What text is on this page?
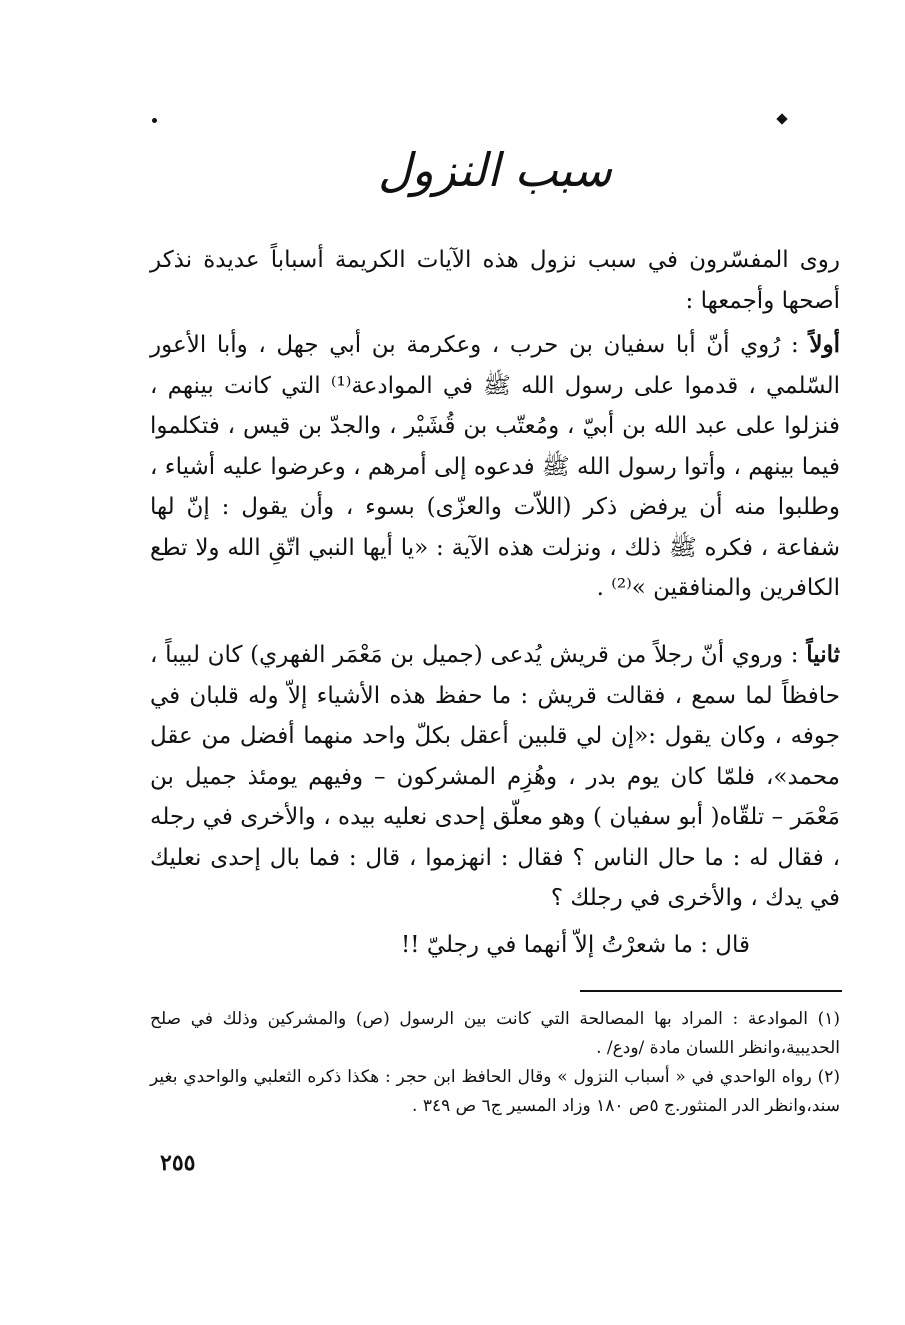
سبب النزول

روى المفسّرون في سبب نزول هذه الآيات الكريمة أسباباً عديدة نذكر أصحها وأجمعها :

أولاً : رُوي أنّ أبا سفيان بن حرب ، وعكرمة بن أبي جهل ، وأبا الأعور السّلمي ، قدموا على رسول الله ﷺ في الموادعة⁽¹⁾ التي كانت بينهم ، فنزلوا على عبد الله بن أبيّ ، ومُعتّب بن قُشَيْر ، والجدّ بن قيس ، فتكلموا فيما بينهم ، وأتوا رسول الله ﷺ فدعوه إلى أمرهم ، وعرضوا عليه أشياء ، وطلبوا منه أن يرفض ذكر (اللاّت والعزّى) بسوء ، وأن يقول : إنّ لها شفاعة ، فكره ﷺ ذلك ، ونزلت هذه الآية : «يا أيها النبي اتّقِ الله ولا تطع الكافرين والمنافقين »⁽²⁾ .

ثانياً : وروي أنّ رجلاً من قريش يُدعى (جميل بن مَعْمَر الفهري) كان لبيباً ، حافظاً لما سمع ، فقالت قريش : ما حفظ هذه الأشياء إلاّ وله قلبان في جوفه ، وكان يقول :«إن لي قلبين أعقل بكلّ واحد منهما أفضل من عقل محمد»، فلمّا كان يوم بدر ، وهُزِم المشركون – وفيهم يومئذ جميل بن مَعْمَر – تلقّاه( أبو سفيان ) وهو معلّق إحدى نعليه بيده ، والأخرى في رجله ، فقال له : ما حال الناس ؟ فقال : انهزموا ، قال : فما بال إحدى نعليك في يدك ، والأخرى في رجلك ؟

قال : ما شعرْتُ إلاّ أنهما في رجليّ !!

(١) الموادعة : المراد بها المصالحة التي كانت بين الرسول (ص) والمشركين وذلك في صلح الحديبية،وانظر اللسان مادة /ودع/ .

(٢) رواه الواحدي في « أسباب النزول » وقال الحافظ ابن حجر : هكذا ذكره الثعلبي والواحدي بغير سند،وانظر الدر المنثور.ج ٥ص ١٨٠ وزاد المسير ج٦ ص ٣٤٩ .

٢٥٥
